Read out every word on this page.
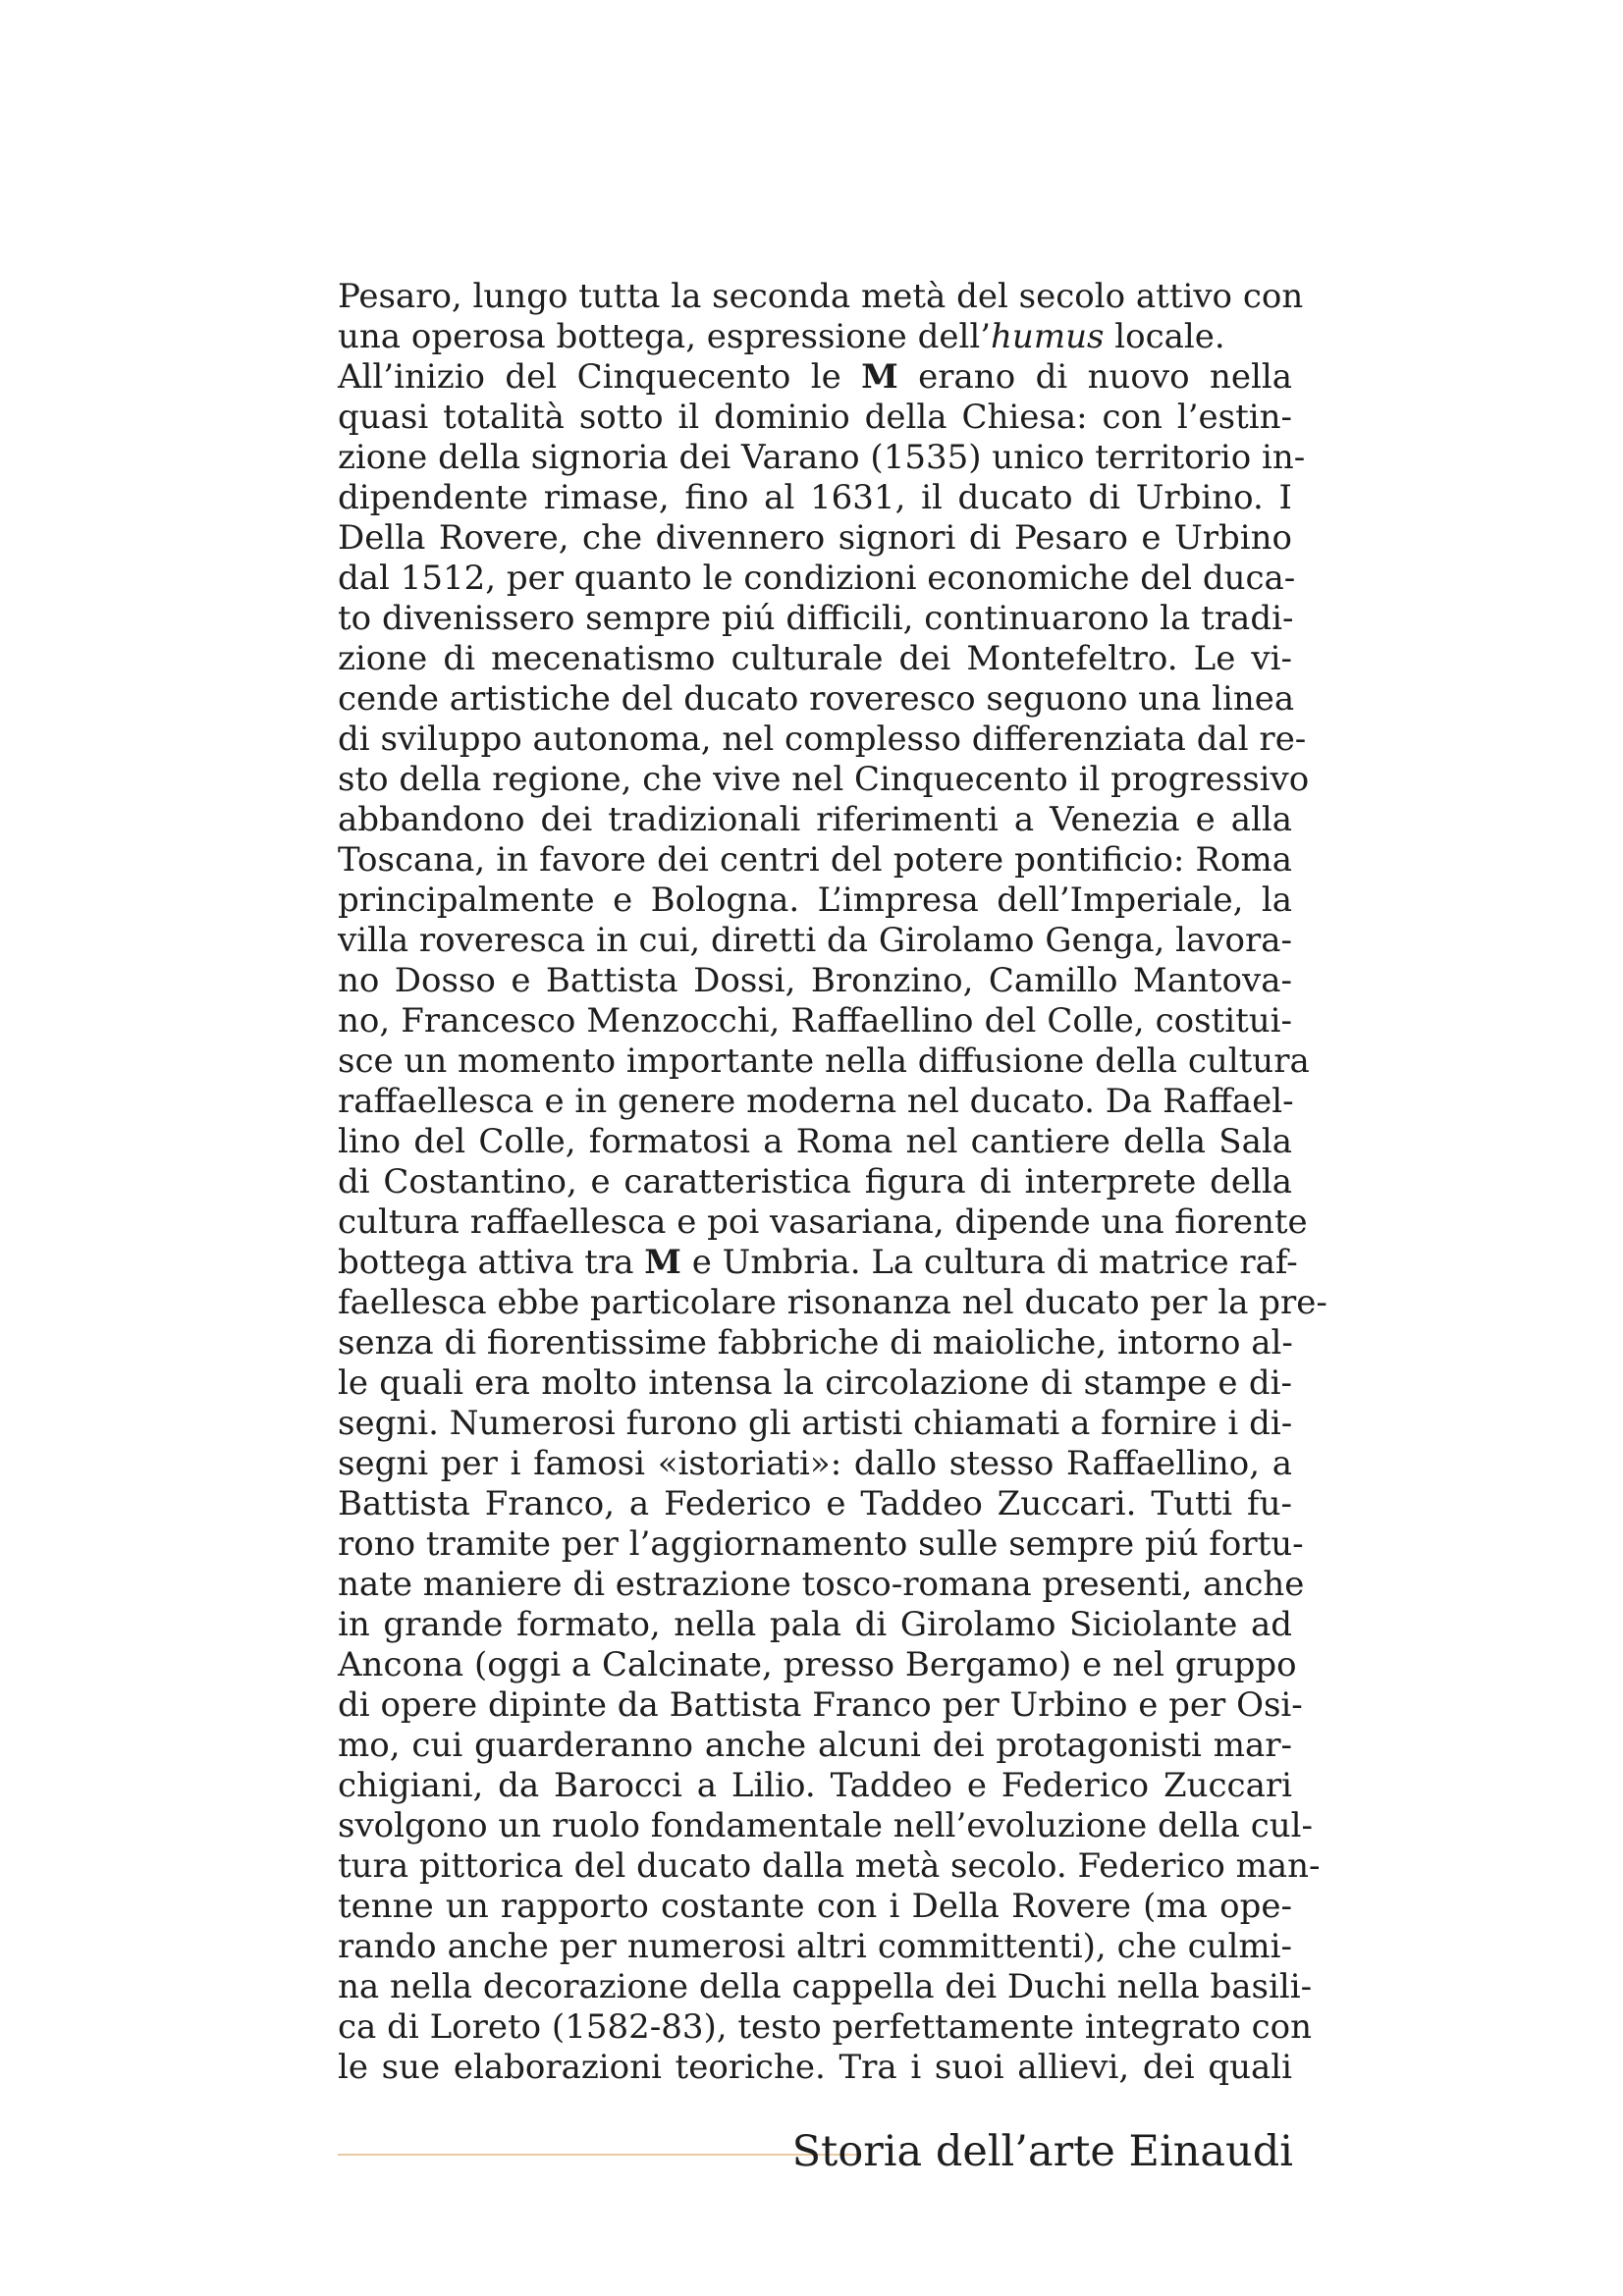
Pesaro, lungo tutta la seconda metà del secolo attivo con
una operosa bottega, espressione dell’humus locale.
All’inizio del Cinquecento le M erano di nuovo nella
quasi totalità sotto il dominio della Chiesa: con l’estin-
zione della signoria dei Varano (1535) unico territorio in-
dipendente rimase, fino al 1631, il ducato di Urbino. I
Della Rovere, che divennero signori di Pesaro e Urbino
dal 1512, per quanto le condizioni economiche del duca-
to divenissero sempre piú difficili, continuarono la tradi-
zione di mecenatismo culturale dei Montefeltro. Le vi-
cende artistiche del ducato roveresco seguono una linea
di sviluppo autonoma, nel complesso differenziata dal re-
sto della regione, che vive nel Cinquecento il progressivo
abbandono dei tradizionali riferimenti a Venezia e alla
Toscana, in favore dei centri del potere pontificio: Roma
principalmente e Bologna. L’impresa dell’Imperiale, la
villa roveresca in cui, diretti da Girolamo Genga, lavora-
no Dosso e Battista Dossi, Bronzino, Camillo Mantova-
no, Francesco Menzocchi, Raffaellino del Colle, costitui-
sce un momento importante nella diffusione della cultura
raffaellesca e in genere moderna nel ducato. Da Raffael-
lino del Colle, formatosi a Roma nel cantiere della Sala
di Costantino, e caratteristica figura di interprete della
cultura raffaellesca e poi vasariana, dipende una fiorente
bottega attiva tra M e Umbria. La cultura di matrice raf-
faellesca ebbe particolare risonanza nel ducato per la pre-
senza di fiorentissime fabbriche di maioliche, intorno al-
le quali era molto intensa la circolazione di stampe e di-
segni. Numerosi furono gli artisti chiamati a fornire i di-
segni per i famosi «istoriati»: dallo stesso Raffaellino, a
Battista Franco, a Federico e Taddeo Zuccari. Tutti fu-
rono tramite per l’aggiornamento sulle sempre piú fortu-
nate maniere di estrazione tosco-romana presenti, anche
in grande formato, nella pala di Girolamo Siciolante ad
Ancona (oggi a Calcinate, presso Bergamo) e nel gruppo
di opere dipinte da Battista Franco per Urbino e per Osi-
mo, cui guarderanno anche alcuni dei protagonisti mar-
chigiani, da Barocci a Lilio. Taddeo e Federico Zuccari
svolgono un ruolo fondamentale nell’evoluzione della cul-
tura pittorica del ducato dalla metà secolo. Federico man-
tenne un rapporto costante con i Della Rovere (ma ope-
rando anche per numerosi altri committenti), che culmi-
na nella decorazione della cappella dei Duchi nella basili-
ca di Loreto (1582-83), testo perfettamente integrato con
le sue elaborazioni teoriche. Tra i suoi allievi, dei quali
Storia dell’arte Einaudi
